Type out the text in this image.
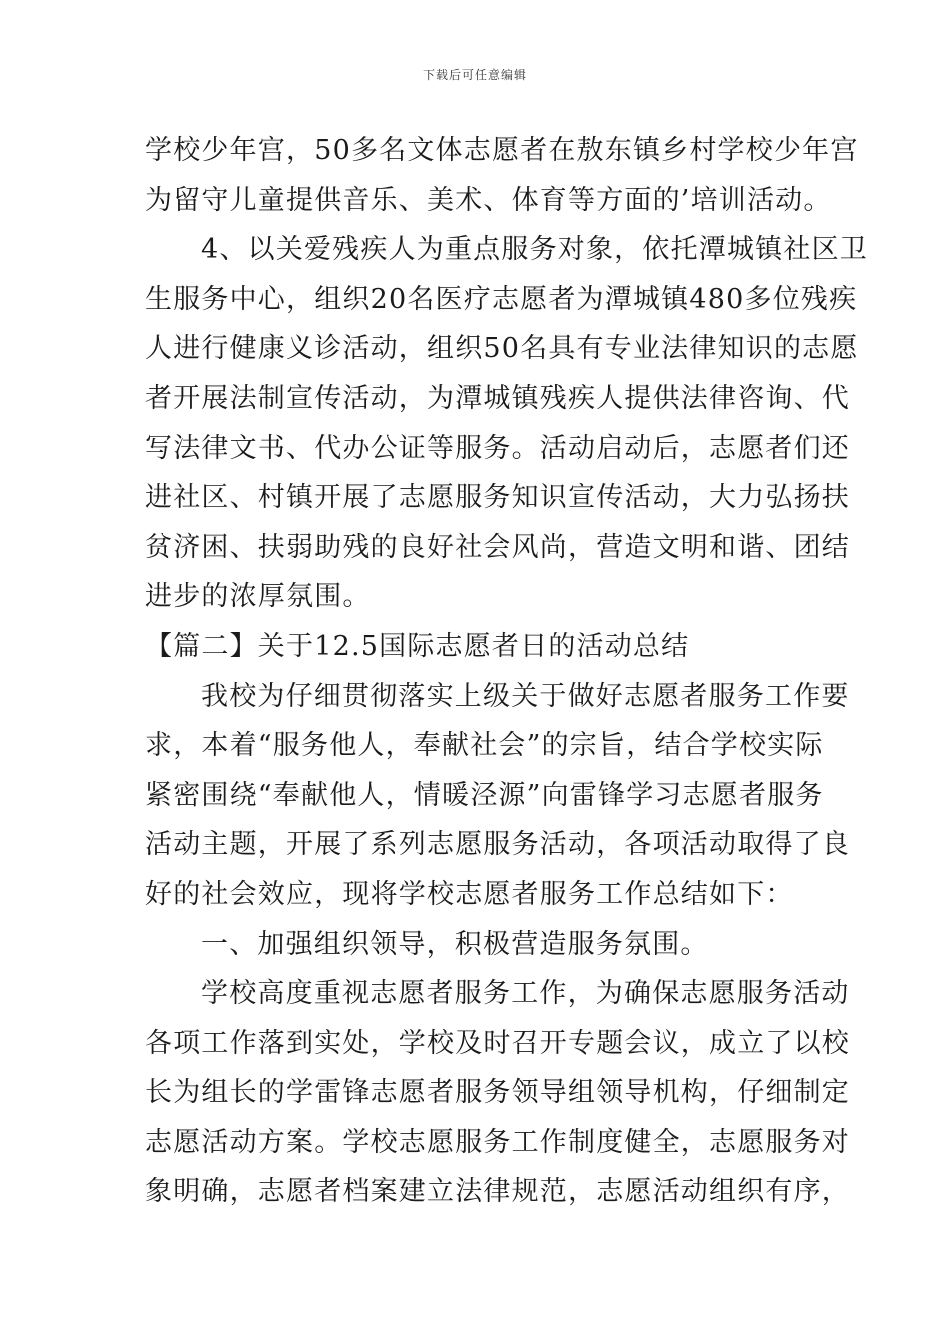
下载后可任意编辑
学校少年宫，50多名文体志愿者在敖东镇乡村学校少年宫
为留守儿童提供音乐、美术、体育等方面的’培训活动。
4、以关爱残疾人为重点服务对象，依托潭城镇社区卫
生服务中心，组织20名医疗志愿者为潭城镇480多位残疾
人进行健康义诊活动，组织50名具有专业法律知识的志愿
者开展法制宣传活动，为潭城镇残疾人提供法律咨询、代
写法律文书、代办公证等服务。活动启动后，志愿者们还
进社区、村镇开展了志愿服务知识宣传活动，大力弘扬扶
贫济困、扶弱助残的良好社会风尚，营造文明和谐、团结
进步的浓厚氛围。
【篇二】关于12.5国际志愿者日的活动总结
我校为仔细贯彻落实上级关于做好志愿者服务工作要
求，本着“服务他人，奉献社会”的宗旨，结合学校实际
紧密围绕“奉献他人，情暖泾源”向雷锋学习志愿者服务
活动主题，开展了系列志愿服务活动，各项活动取得了良
好的社会效应，现将学校志愿者服务工作总结如下：
一、加强组织领导，积极营造服务氛围。
学校高度重视志愿者服务工作，为确保志愿服务活动
各项工作落到实处，学校及时召开专题会议，成立了以校
长为组长的学雷锋志愿者服务领导组领导机构，仔细制定
志愿活动方案。学校志愿服务工作制度健全，志愿服务对
象明确，志愿者档案建立法律规范，志愿活动组织有序，
